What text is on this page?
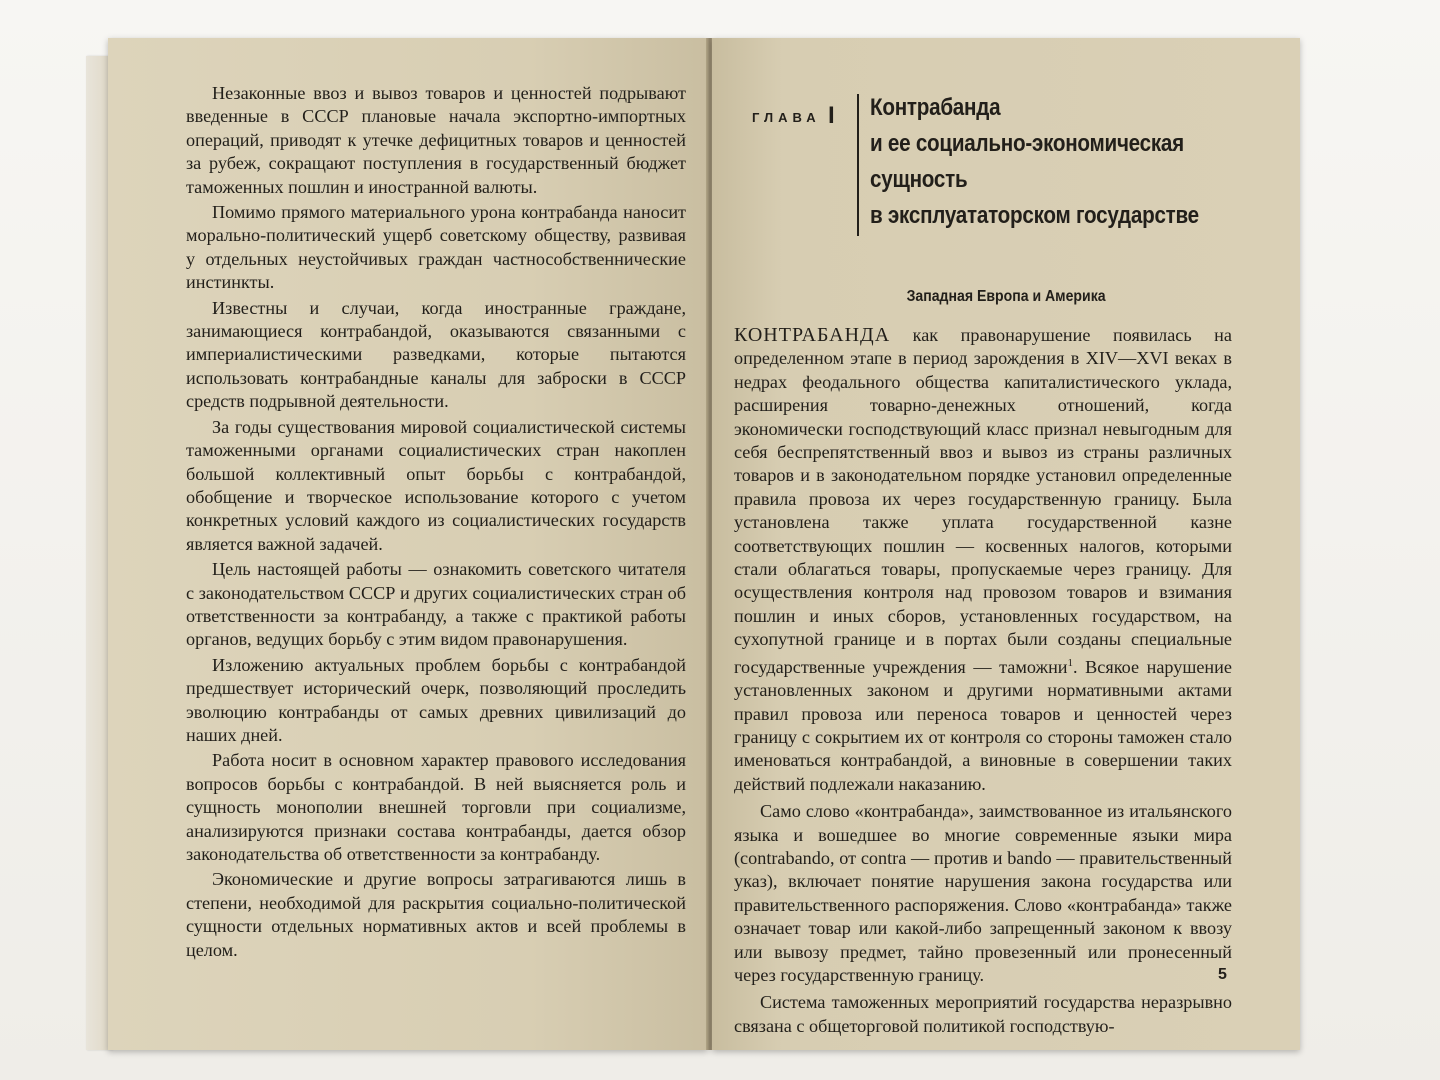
Незаконные ввоз и вывоз товаров и ценностей подрывают введенные в СССР плановые начала экспортно-импортных операций, приводят к утечке дефицитных товаров и ценностей за рубеж, сокращают поступления в государственный бюджет таможенных пошлин и иностранной валюты.

Помимо прямого материального урона контрабанда наносит морально-политический ущерб советскому обществу, развивая у отдельных неустойчивых граждан частнособственнические инстинкты.

Известны и случаи, когда иностранные граждане, занимающиеся контрабандой, оказываются связанными с империалистическими разведками, которые пытаются использовать контрабандные каналы для заброски в СССР средств подрывной деятельности.

За годы существования мировой социалистической системы таможенными органами социалистических стран накоплен большой коллективный опыт борьбы с контрабандой, обобщение и творческое использование которого с учетом конкретных условий каждого из социалистических государств является важной задачей.

Цель настоящей работы — ознакомить советского читателя с законодательством СССР и других социалистических стран об ответственности за контрабанду, а также с практикой работы органов, ведущих борьбу с этим видом правонарушения.

Изложению актуальных проблем борьбы с контрабандой предшествует исторический очерк, позволяющий проследить эволюцию контрабанды от самых древних цивилизаций до наших дней.

Работа носит в основном характер правового исследования вопросов борьбы с контрабандой. В ней выясняется роль и сущность монополии внешней торговли при социализме, анализируются признаки состава контрабанды, дается обзор законодательства об ответственности за контрабанду.

Экономические и другие вопросы затрагиваются лишь в степени, необходимой для раскрытия социально-политической сущности отдельных нормативных актов и всей проблемы в целом.

ГЛАВА I Контрабанда
и ее социально-экономическая
сущность
в эксплуататорском государстве
Западная Европа и Америка

КОНТРАБАНДА как правонарушение появилась на определенном этапе в период зарождения в XIV—XVI веках в недрах феодального общества капиталистического уклада, расширения товарно-денежных отношений, когда экономически господствующий класс признал невыгодным для себя беспрепятственный ввоз и вывоз из страны различных товаров и в законодательном порядке установил определенные правила провоза их через государственную границу. Была установлена также уплата государственной казне соответствующих пошлин — косвенных налогов, которыми стали облагаться товары, пропускаемые через границу. Для осуществления контроля над провозом товаров и взимания пошлин и иных сборов, установленных государством, на сухопутной границе и в портах были созданы специальные государственные учреждения — таможни$^1$. Всякое нарушение установленных законом и другими нормативными актами правил провоза или переноса товаров и ценностей через границу с сокрытием их от контроля со стороны таможен стало именоваться контрабандой, а виновные в совершении таких действий подлежали наказанию.

Само слово «контрабанда», заимствованное из итальянского языка и вошедшее во многие современные языки мира (contrabando, от contra — против и bando — правительственный указ), включает понятие нарушения закона государства или правительственного распоряжения. Слово «контрабанда» также означает товар или какой-либо запрещенный законом к ввозу или вывозу предмет, тайно провезенный или пронесенный через государственную границу.

Система таможенных мероприятий государства неразрывно связана с общеторговой политикой господствую-

5
